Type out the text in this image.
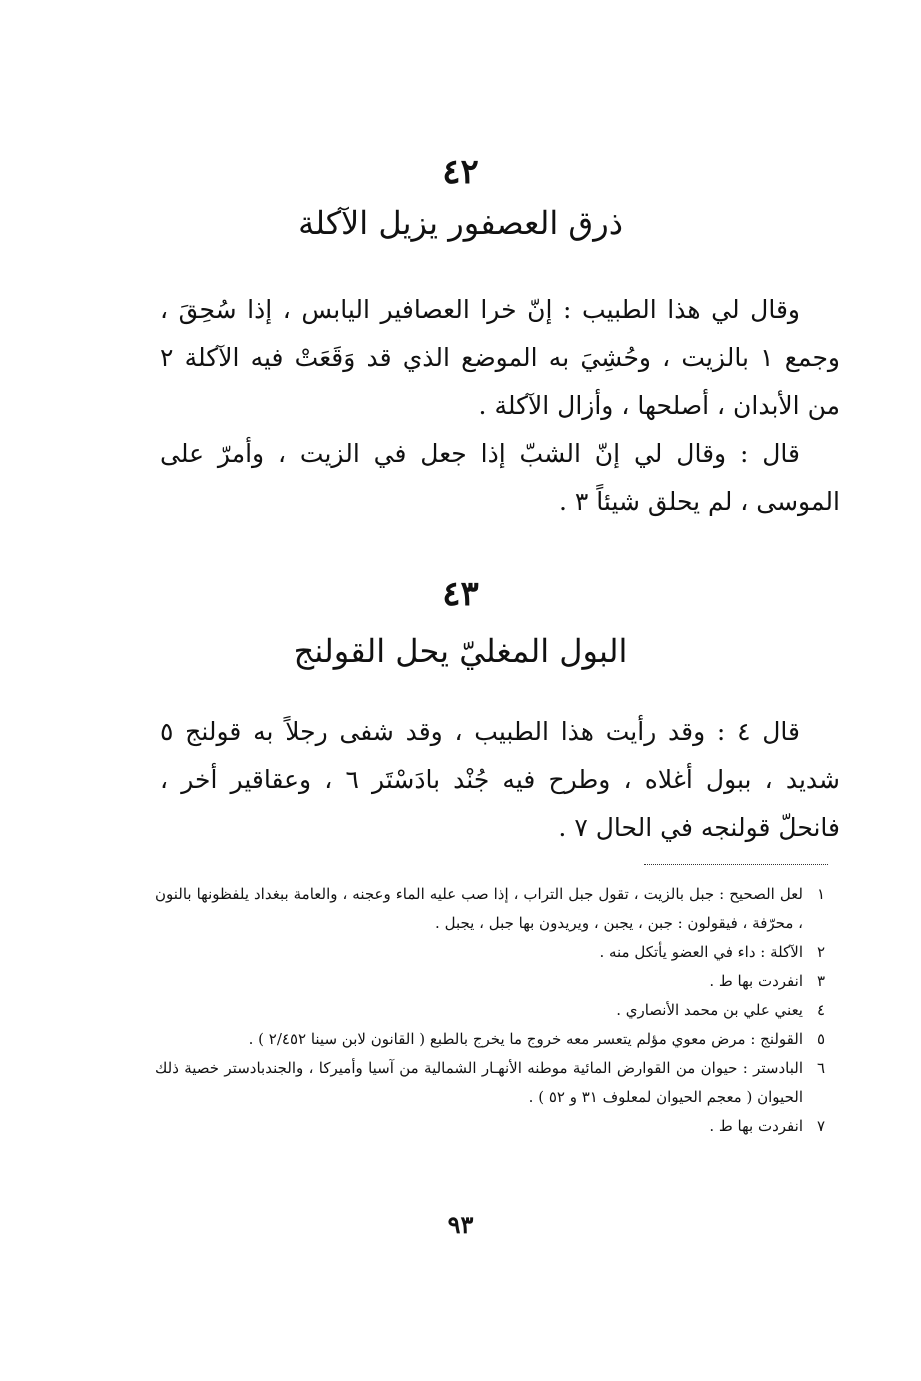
٤٢
ذرق العصفور يزيل الآكلة

وقال لي هذا الطبيب : إنّ خرا العصافير اليابس ، إذا سُحِقَ ، وجمع ١ بالزيت ، وحُشِيَ به الموضع الذي قد وَقَعَتْ فيه الآكلة ٢ من الأبدان ، أصلحها ، وأزال الآكلة .

قال : وقال لي إنّ الشبّ إذا جعل في الزيت ، وأمرّ على الموسى ، لم يحلق شيئاً ٣ .

٤٣
البول المغليّ يحل القولنج

قال ٤ : وقد رأيت هذا الطبيب ، وقد شفى رجلاً به قولنج ٥ شديد ، ببول أغلاه ، وطرح فيه جُنْد بادَسْتَر ٦ ، وعقاقير أخر ، فانحلّ قولنجه في الحال ٧ .

١
لعل الصحيح : جبل بالزيت ، تقول جبل التراب ، إذا صب عليه الماء وعجنه ، والعامة ببغداد يلفظونها بالنون ، محرّفة ، فيقولون : جبن ، يجبن ، ويريدون بها جبل ، يجبل .
٢
الآكلة : داء في العضو يأتكل منه .
٣
انفردت بها ط .
٤
يعني علي بن محمد الأنصاري .
٥
القولنج : مرض معوي مؤلم يتعسر معه خروج ما يخرج بالطبع ( القانون لابن سينا ٢/٤٥٢ ) .
٦
البادستر : حيوان من القوارض المائية موطنه الأنهـار الشمالية من آسيا وأميركا ، والجندبادستر خصية ذلك الحيوان ( معجم الحيوان لمعلوف ٣١ و ٥٢ ) .
٧
انفردت بها ط .
٩٣
